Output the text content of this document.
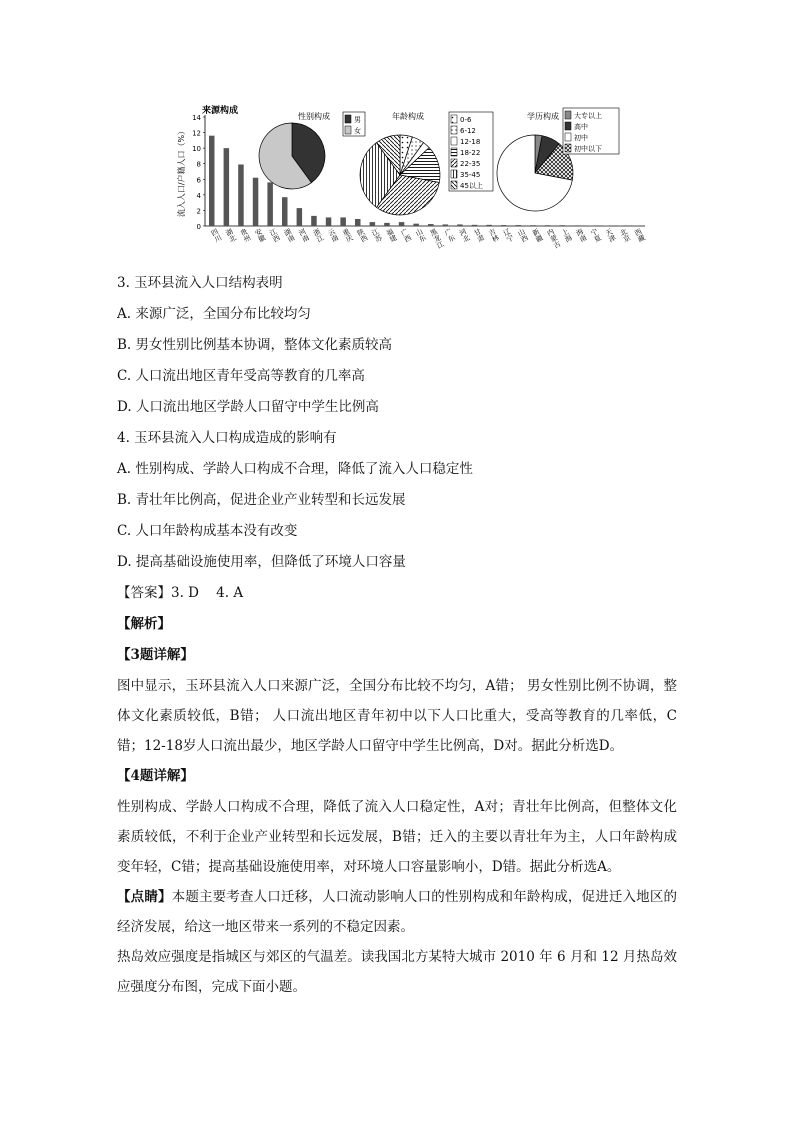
来源构成
0
2
4
6
8
10
12
14
流入人口/户籍人口（%）
四川 湖北 贵州 安徽 江西 湖南 河南 浙江 云南 重庆 陕西 江苏 福建 广西 山东 黑龙江
广东 河北 甘肃 吉林 辽宁 山西 新疆 内蒙古
上海 海南 宁夏 天津 北京 西藏
性别构成	男
女
年龄构成	0-6
6-12
12-18
18-22
22-35
35-45
45以上
学历构成 大专以上
高中
初中
初中以下
3. 玉环县流入人口结构表明
A. 来源广泛，全国分布比较均匀
B. 男女性别比例基本协调，整体文化素质较高
C. 人口流出地区青年受高等教育的几率高
D. 人口流出地区学龄人口留守中学生比例高
4. 玉环县流入人口构成造成的影响有
A. 性别构成、学龄人口构成不合理，降低了流入人口稳定性
B. 青壮年比例高，促进企业产业转型和长远发展
C. 人口年龄构成基本没有改变
D. 提高基础设施使用率，但降低了环境人口容量
【答案】3. D    4. A
【解析】
【3题详解】
图中显示，玉环县流入人口来源广泛，全国分布比较不均匀，A错； 男女性别比例不协调，整体文化素质较低，B错； 人口流出地区青年初中以下人口比重大，受高等教育的几率低，C错；12-18岁人口流出最少，地区学龄人口留守中学生比例高，D对。据此分析选D。
【4题详解】
性别构成、学龄人口构成不合理，降低了流入人口稳定性，A对；青壮年比例高，但整体文化素质较低，不利于企业产业转型和长远发展，B错；迁入的主要以青壮年为主，人口年龄构成变年轻，C错；提高基础设施使用率，对环境人口容量影响小，D错。据此分析选A。
【点睛】本题主要考查人口迁移，人口流动影响人口的性别构成和年龄构成，促进迁入地区的经济发展，给这一地区带来一系列的不稳定因素。
热岛效应强度是指城区与郊区的气温差。读我国北方某特大城市 2010 年 6 月和 12 月热岛效应强度分布图，完成下面小题。
